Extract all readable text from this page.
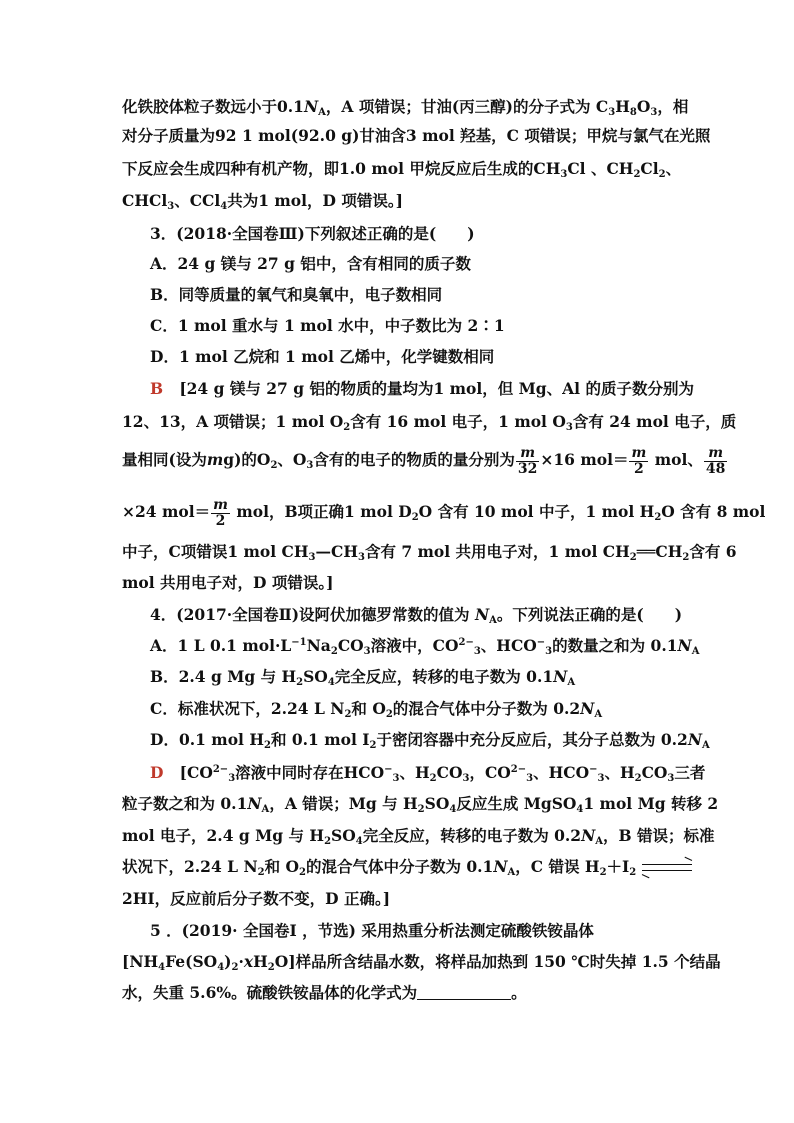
化铁胶体粒子数远小于$0.1N_A$，A 项错误；甘油(丙三醇)的分子式为 $C_3H_8O_3$，相
对分子质量为92 1 mol(92.0 g)甘油含3 mol 羟基，C 项错误；甲烷与氯气在光照
下反应会生成四种有机产物，即1.0 mol 甲烷反应后生成的$CH_3Cl$ 、$CH_2Cl_2$、
CHCl$_3$、CCl$_4$共为1 mol，D 项错误。]
3．(2018·全国卷Ⅲ)下列叙述正确的是(　　)
A．24 g 镁与 27 g 铝中，含有相同的质子数
B．同等质量的氧气和臭氧中，电子数相同
C．1 mol 重水与 1 mol 水中，中子数比为 2∶1
D．1 mol 乙烷和 1 mol 乙烯中，化学键数相同
B [24 g 镁与 27 g 铝的物质的量均为1 mol，但 Mg、Al 的质子数分别为
12、13，A 项错误；1 mol $O_2$含有 16 mol 电子，1 mol $O_3$含有 24 mol 电子，质
量相同(设为mg)的$O_2$、$O_3$含有的电子的物质的量分别为 $\frac{m}{32} \times 16$ $mol= \frac{m}{2}$ mol、 $\frac{m}{48}$
×24 $mol= \frac{m}{2}$ mol，B项正确1 mol $D_2O$ 含有 10 mol 中子，1 mol $H_2O$ 含有 8 mol
中子，C项错误1 mol $CH_3—CH_3$含有 7 mol 共用电子对，1 mol $CH_2══CH_2$含有 6
mol 共用电子对，D 项错误。]
4．(2017·全国卷Ⅱ)设阿伏加德罗常数的值为 $N_A$。下列说法正确的是(　　)
A．1 L 0.1 $mol\cdot L^{-1}Na_2CO_3$溶液中，$CO^{2-}_3$、$HCO^-_3$的数量之和为 $0.1N_A$
B．2.4 g Mg 与 $H_2SO_4$完全反应，转移的电子数为 $0.1N_A$
C．标准状况下，2.24 L $N_2$和 $O_2$的混合气体中分子数为 $0.2N_A$
D．0.1 mol $H_2$和 0.1 mol $I_2$于密闭容器中充分反应后，其分子总数为 $0.2N_A$
D [$CO^{2-}_3$溶液中同时存在$HCO^-_3$、$H_2CO_3$，$CO^{2-}_3$、$HCO^-_3$、$H_2CO_3$三者
粒子数之和为 $0.1N_A$，A 错误；Mg 与 $H_2SO_4$反应生成 MgSO$_4$1 mol Mg 转移 2
mol 电子，2.4 g Mg 与 $H_2SO_4$完全反应，转移的电子数为 $0.2N_A$，B 错误；标准
状况下，2.24 L $N_2$和 $O_2$的混合气体中分子数为 $0.1N_A$，C 错误 $H_2+I_2$
2HI，反应前后分子数不变，D 正确。]
5 ．(2019· 全国卷Ⅰ ，节选) 采用热重分析法测定硫酸铁铵晶体
$[NH_4Fe(SO_4)_2\cdot xH_2O]$样品所含结晶水数，将样品加热到 150 ℃时失掉 1.5 个结晶
水，失重 5.6%。硫酸铁铵晶体的化学式为	。
